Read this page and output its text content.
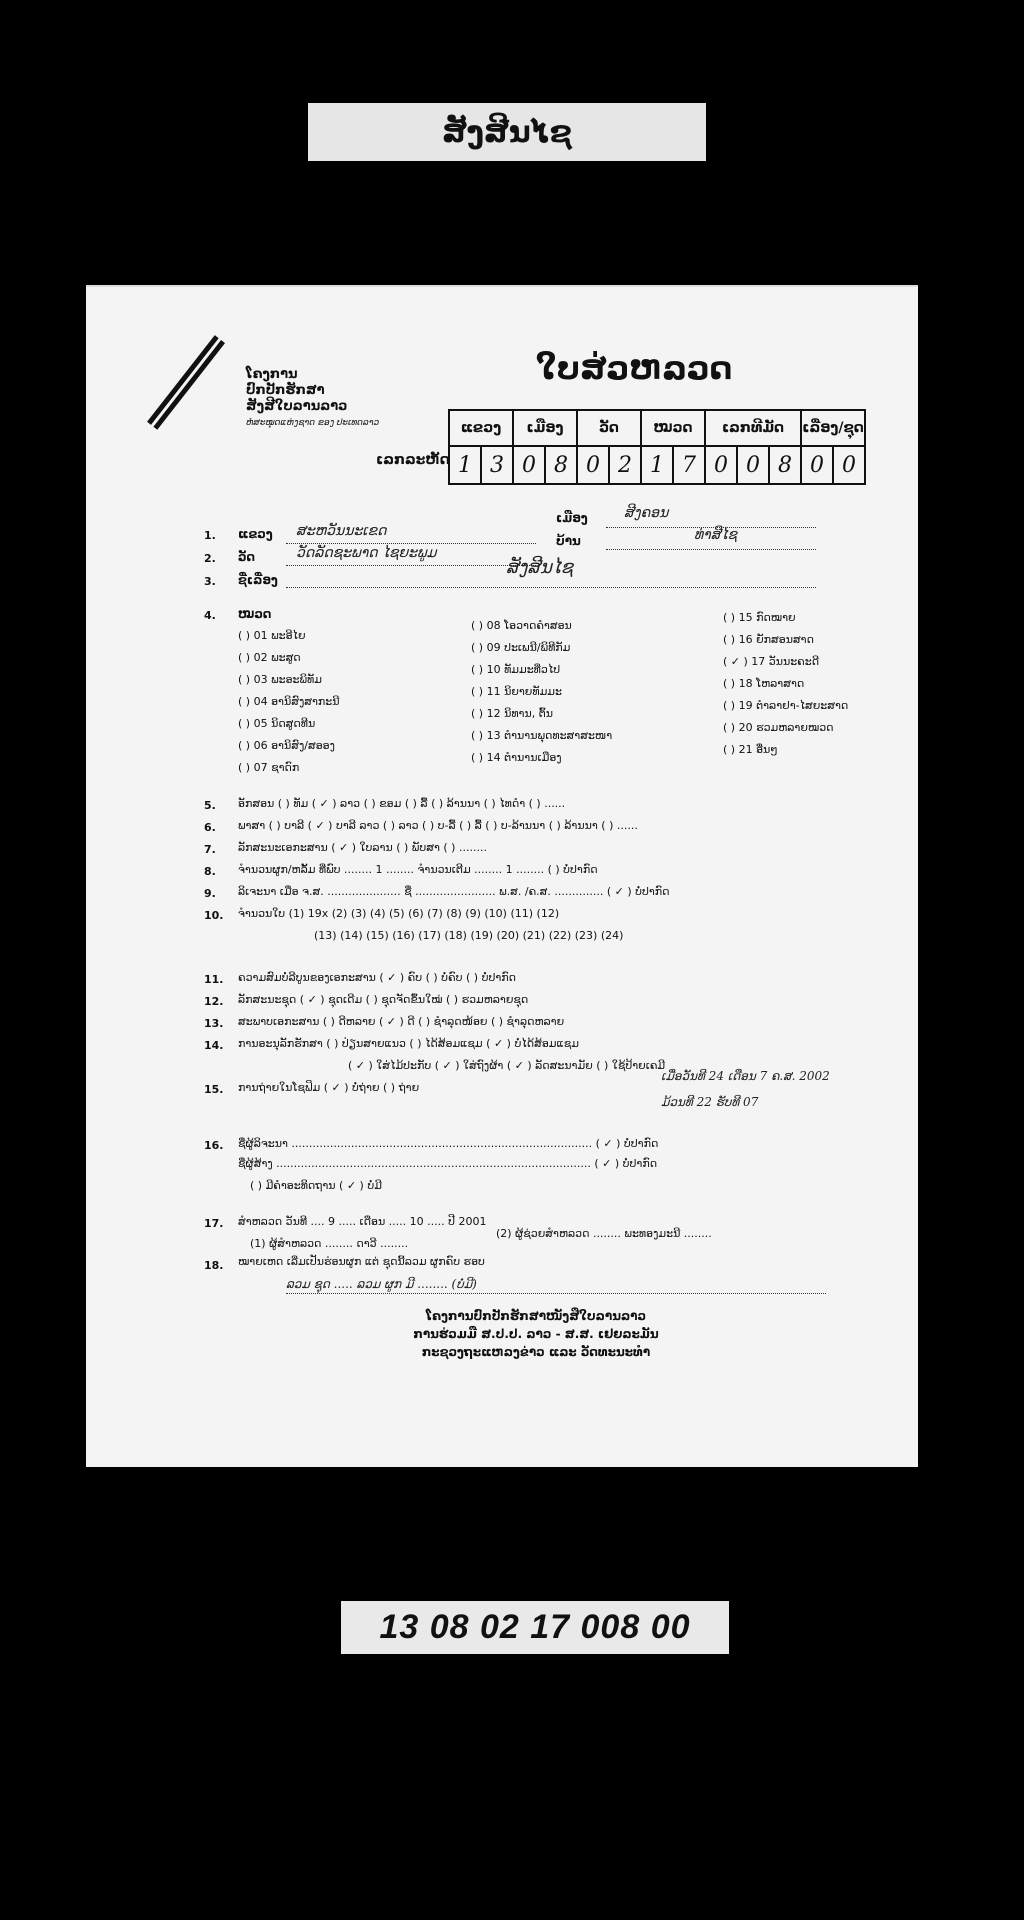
ສັງສີນໄຊ
ໂຄງການ
ປົກປັກຮັກສາ
ສັງສີໃບລານລາວ
ຫໍສະໝຸດແຫ່ງຊາດ ຂອງ ປະເທດລາວ
ໃບສ່ວຫລວດ
ເລກລະຫັດ
ແຂວງ		ເມືອງ		ວັດ		ໝວດ		ເລກທີມັດ			ເລື່ອງ/ຊຸດ	
1	3	0	8	0	2	1	7	0	0	8	0	0
1. ແຂວງ ສະຫວັນນະເຂດ
ເມືອງ	ສີງຄອນ
2. ວັດ	ວັດລັດຊະພາດ ໄຊຍະພູມ
ບ້ານ	ທ່າສີໄຊ
3. ຊື່ເລື່ອງ
ສັງສີນໄຊ
4. ໝວດ
( ) 01 ພະອີໄຍ
( ) 02 ພະສູດ
( ) 03 ພະອະພິທັມ
( ) 04 ອານິສົງສາກະນີ
( ) 05 ນິດສູດທີນ
( ) 06 ອານິສົງ/ສອອງ
( ) 07 ຊາດົກ
( ) 08 ໂອວາດຄຳສອນ
( ) 09 ປະເພນີ/ພິທີກັມ
( ) 10 ທັມມະທີ່ວໄປ
( ) 11 ນິຍາຍທັມມະ
( ) 12 ນິທານ, ຕົ້ນ
( ) 13 ຕຳນານພຸດທະສາສະໜາ
( ) 14 ຕຳນານເມືອງ
( ) 15 ກົດໝາຍ
( ) 16 ຍັກສອນສາດ
( ✓ ) 17 ວັນນະຄະດີ
( ) 18 ໂຫລາສາດ
( ) 19 ຕຳລາຢາ-ໄສຍະສາດ
( ) 20 ຮວມຫລາຍໝວດ
( ) 21 ອື່ນໆ
5. ອັກສອນ ( ) ທັມ ( ✓ ) ລາວ ( ) ຂອມ ( ) ລື້ ( ) ລ້ານນາ ( ) ໄທດຳ ( ) ......
6. ພາສາ ( ) ບາລີ ( ✓ ) ບາລີ ລາວ ( ) ລາວ ( ) ບ-ລື້ ( ) ລື້ ( ) ບ-ລ້ານນາ ( ) ລ້ານນາ ( ) ......
7. ລັກສະນະເອກະສານ ( ✓ ) ໃບລານ ( ) ພັບສາ ( ) ........
8. ຈຳນວນຜູກ/ຫລັ້ມ ທີ່ພົບ ........ 1 ........ ຈຳນວນເຕີມ ........ 1 ........ ( ) ບໍ່ປາກົດ
9. ລິເຈະນາ ເມື່ອ ຈ.ສ. ..................... ຊື່ ....................... ພ.ສ. /ຄ.ສ. .............. ( ✓ ) ບໍ່ປາກົດ
10. ຈຳນວນໃບ (1) 19x (2) (3) (4) (5) (6) (7) (8) (9) (10) (11) (12)
(13) (14) (15) (16) (17) (18) (19) (20) (21) (22) (23) (24)
11. ຄວາມສົມບໍ່ລີບູນຂອງເອກະສານ ( ✓ ) ຄົບ ( ) ບໍ່ຄົບ ( ) ບໍ່ປາກົດ
12. ລັກສະນະຊຸດ ( ✓ ) ຊຸດເດີມ ( ) ຊຸດຈັດຂຶ້ນໃໝ່ ( ) ຮວມຫລາຍຊຸດ
13. ສະພາບເອກະສານ ( ) ດີຫລາຍ ( ✓ ) ດີ ( ) ຊຳລຸດໜ້ອຍ ( ) ຊຳລຸດຫລາຍ
14. ການອະນຸລັກຮັກສາ ( ) ປ່ຽນສາຍແນວ ( ) ໄດ້ສ້ອມແຊມ ( ✓ ) ບໍ່ໄດ້ສ້ອມແຊມ
( ✓ ) ໃສ່ໄມ້ປະກັບ ( ✓ ) ໃສ່ຖົງຜ້າ ( ✓ ) ລັດສະນາມັຍ ( ) ໃຊ້ປ້າຍເຄມີ
15. ການຖ່າຍໃນໂຊຟິມ ( ✓ ) ບໍ່ຖ່າຍ ( ) ຖ່າຍ
ເມື່ອວັນທີ 24 ເດືອນ 7 ຄ.ສ. 2002
ມ້ວນທີ 22 ຮັບທີ 07
16. ຊື່ຜູ້ລິຈະນາ ...................................................................................... ( ✓ ) ບໍ່ປາກົດ
ຊື່ຜູ້ສ້າງ .......................................................................................... ( ✓ ) ບໍ່ປາກົດ
( ) ມີຄຳອະທິດຖານ ( ✓ ) ບໍ່ມີ
17. ສຳຫລວດ ວັນທີ .... 9 ..... ເດືອນ ..... 10 ..... ປີ 2001
(1) ຜູ້ສຳຫລວດ ........ ດາວີ ........
(2) ຜູ້ຊ່ວຍສຳຫລວດ ........ ພະທອງມະນີ ........
18. ໝາຍເຫດ ເລີ່ມເປັນຮ່ອນຜູກ ແຕ່ ຊຸດນີ້ລວມ ຜູກຄົບ ຮອບ
ລວມ ຊຸດ ..... ລວມ ຜູກ ມີ ........ (ບໍ່ມີ)
ໂຄງການປົກປັກຮັກສາໜັງສືໃບລານລາວ
ການຮ່ວມມື ສ.ປ.ປ. ລາວ - ສ.ສ. ເຢຍລະມັນ
ກະຊວງຖະແຫລງຂ່າວ ແລະ ວັດທະນະທຳ
13 08 02 17 008 00
